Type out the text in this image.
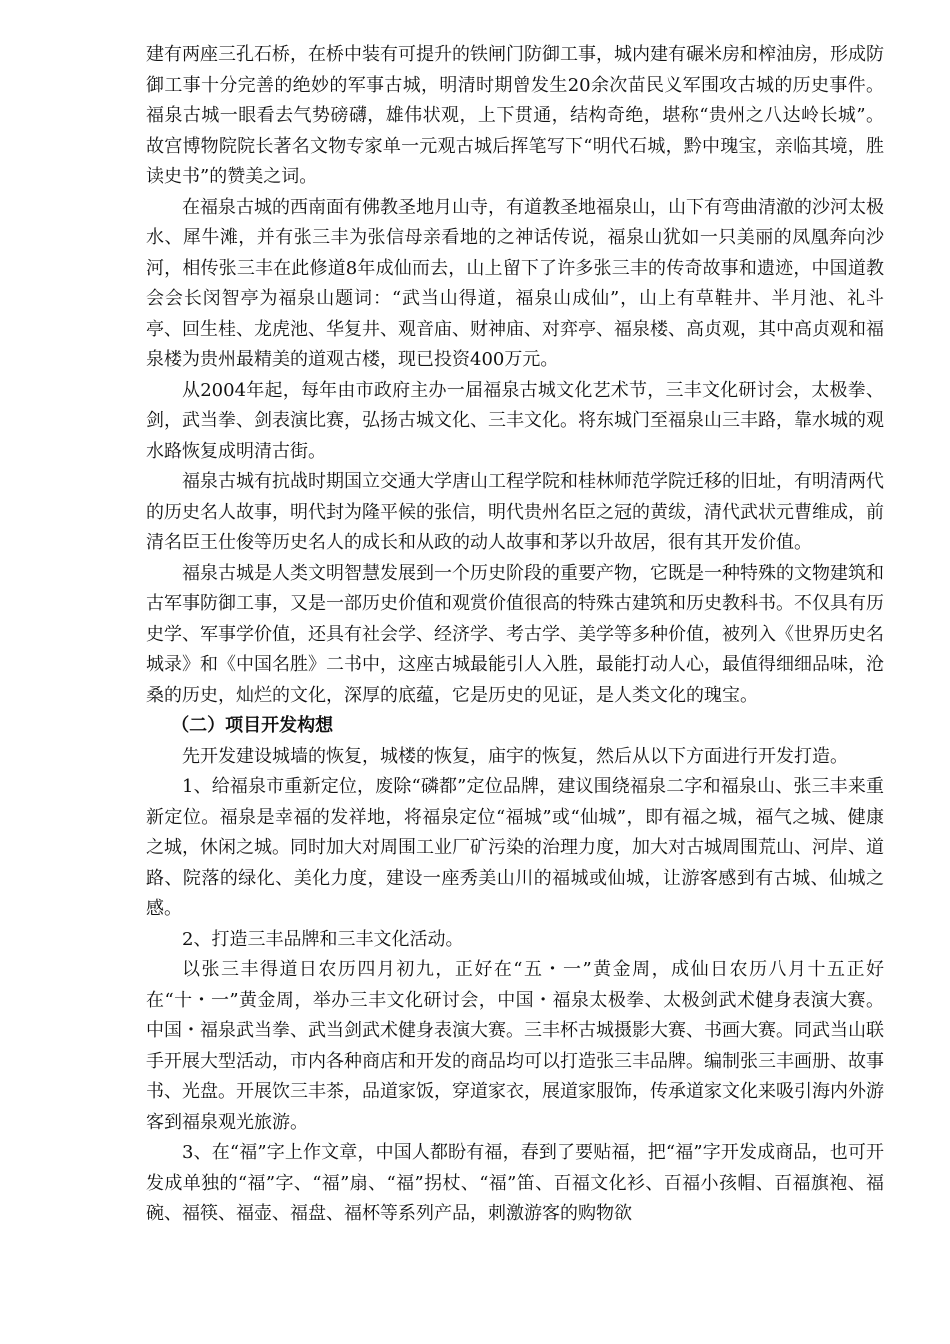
建有两座三孔石桥，在桥中装有可提升的铁闸门防御工事，城内建有碾米房和榨油房，形成防御工事十分完善的绝妙的军事古城，明清时期曾发生20余次苗民义军围攻古城的历史事件。福泉古城一眼看去气势磅礴，雄伟状观，上下贯通，结构奇绝，堪称“贵州之八达岭长城”。故宫博物院院长著名文物专家单一元观古城后挥笔写下“明代石城，黔中瑰宝，亲临其境，胜读史书”的赞美之词。

在福泉古城的西南面有佛教圣地月山寺，有道教圣地福泉山，山下有弯曲清澈的沙河太极水、犀牛滩，并有张三丰为张信母亲看地的之神话传说，福泉山犹如一只美丽的凤凰奔向沙河，相传张三丰在此修道8年成仙而去，山上留下了许多张三丰的传奇故事和遗迹，中国道教会会长闵智亭为福泉山题词：“武当山得道，福泉山成仙”，山上有草鞋井、半月池、礼斗亭、回生桂、龙虎池、华复井、观音庙、财神庙、对弈亭、福泉楼、高贞观，其中高贞观和福泉楼为贵州最精美的道观古楼，现已投资400万元。

从2004年起，每年由市政府主办一届福泉古城文化艺术节，三丰文化研讨会，太极拳、剑，武当拳、剑表演比赛，弘扬古城文化、三丰文化。将东城门至福泉山三丰路，靠水城的观水路恢复成明清古街。

福泉古城有抗战时期国立交通大学唐山工程学院和桂林师范学院迁移的旧址，有明清两代的历史名人故事，明代封为隆平候的张信，明代贵州名臣之冠的黄绂，清代武状元曹维成，前清名臣王仕俊等历史名人的成长和从政的动人故事和茅以升故居，很有其开发价值。

福泉古城是人类文明智慧发展到一个历史阶段的重要产物，它既是一种特殊的文物建筑和古军事防御工事，又是一部历史价值和观赏价值很高的特殊古建筑和历史教科书。不仅具有历史学、军事学价值，还具有社会学、经济学、考古学、美学等多种价值，被列入《世界历史名城录》和《中国名胜》二书中，这座古城最能引人入胜，最能打动人心，最值得细细品味，沧桑的历史，灿烂的文化，深厚的底蕴，它是历史的见证，是人类文化的瑰宝。

（二）项目开发构想

先开发建设城墙的恢复，城楼的恢复，庙宇的恢复，然后从以下方面进行开发打造。

1、给福泉市重新定位，废除“磷都”定位品牌，建议围绕福泉二字和福泉山、张三丰来重新定位。福泉是幸福的发祥地，将福泉定位“福城”或“仙城”，即有福之城，福气之城、健康之城，休闲之城。同时加大对周围工业厂矿污染的治理力度，加大对古城周围荒山、河岸、道 路、院落的绿化、美化力度，建设一座秀美山川的福城或仙城，让游客感到有古城、仙城之感。

2、打造三丰品牌和三丰文化活动。

以张三丰得道日农历四月初九，正好在“五・一”黄金周，成仙日农历八月十五正好在“十・一”黄金周，举办三丰文化研讨会，中国・福泉太极拳、太极剑武术健身表演大赛。中国・福泉武当拳、武当剑武术健身表演大赛。三丰杯古城摄影大赛、书画大赛。同武当山联手开展大型活动，市内各种商店和开发的商品均可以打造张三丰品牌。编制张三丰画册、故事书、光盘。开展饮三丰茶，品道家饭，穿道家衣，展道家服饰，传承道家文化来吸引海内外游客到福泉观光旅游。

3、在“福”字上作文章，中国人都盼有福，春到了要贴福，把“福”字开发成商品，也可开发成单独的“福”字、“福”扇、“福”拐杖、“福”笛、百福文化衫、百福小孩帽、百福旗袍、福碗、福筷、福壶、福盘、福杯等系列产品，刺激游客的购物欲
